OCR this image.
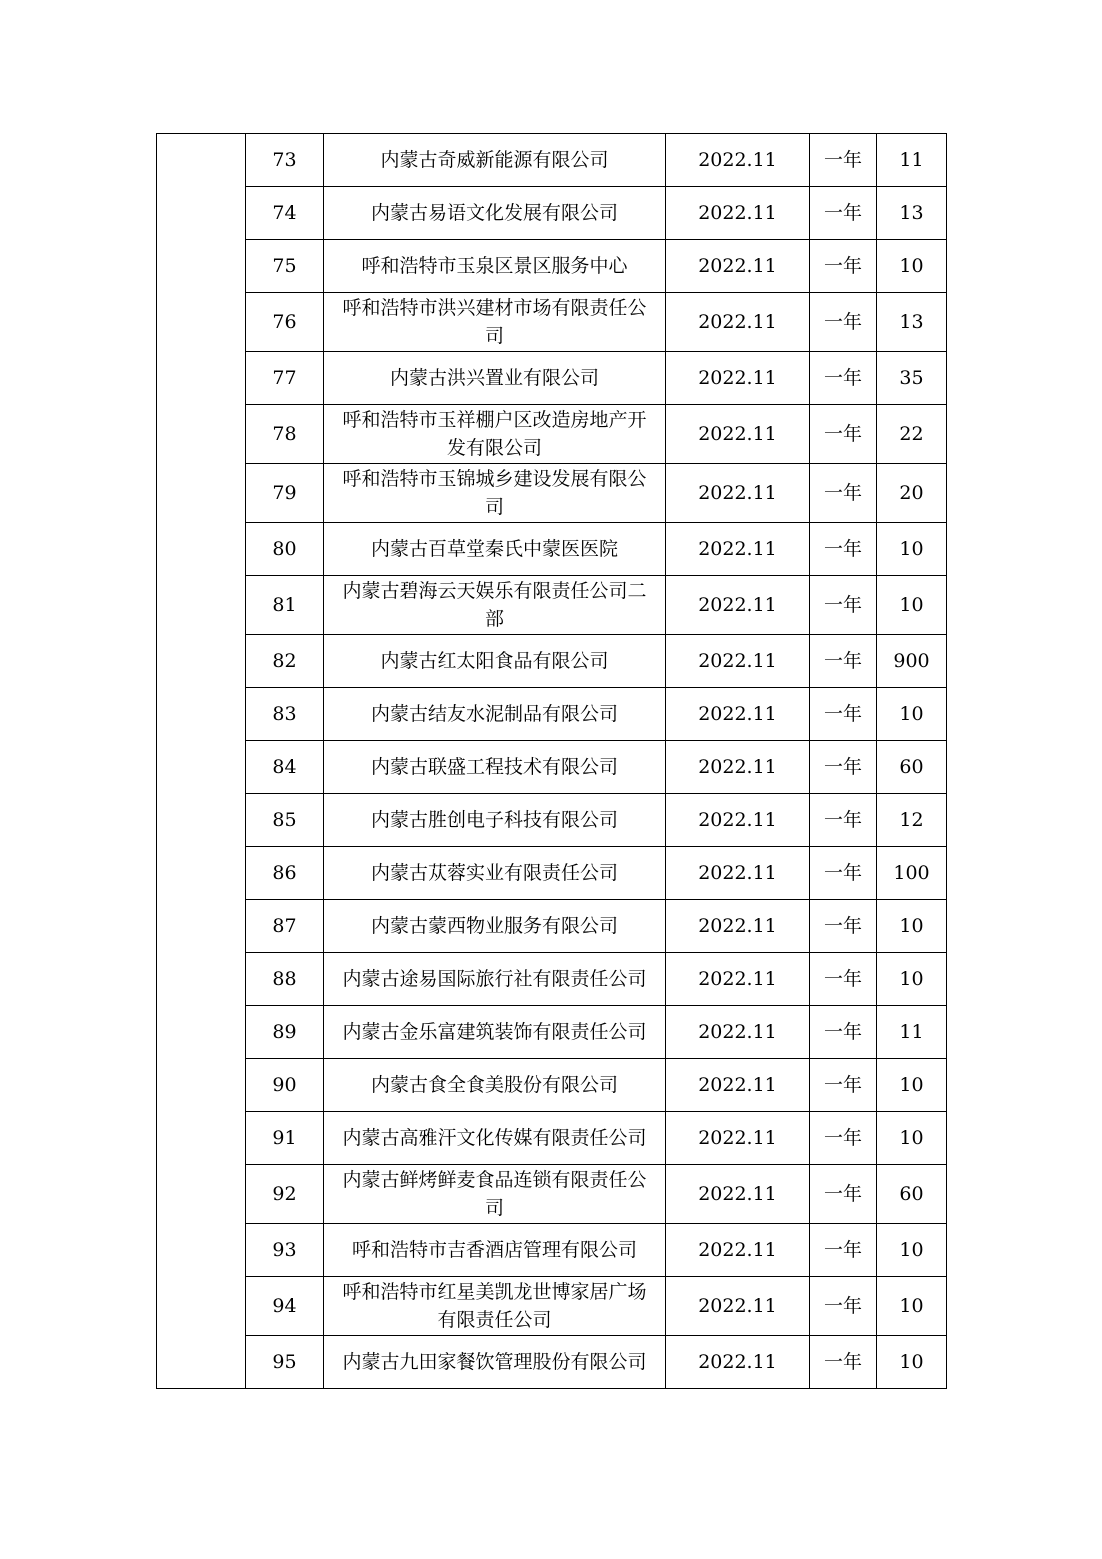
	73	内蒙古奇威新能源有限公司	2022.11	一年	11
	74	内蒙古易语文化发展有限公司	2022.11	一年	13
	75	呼和浩特市玉泉区景区服务中心	2022.11	一年	10
	76	呼和浩特市洪兴建材市场有限责任公司	2022.11	一年	13
	77	内蒙古洪兴置业有限公司	2022.11	一年	35
	78	呼和浩特市玉祥棚户区改造房地产开发有限公司	2022.11	一年	22
	79	呼和浩特市玉锦城乡建设发展有限公司	2022.11	一年	20
	80	内蒙古百草堂秦氏中蒙医医院	2022.11	一年	10
	81	内蒙古碧海云天娱乐有限责任公司二部	2022.11	一年	10
	82	内蒙古红太阳食品有限公司	2022.11	一年	900
	83	内蒙古结友水泥制品有限公司	2022.11	一年	10
	84	内蒙古联盛工程技术有限公司	2022.11	一年	60
	85	内蒙古胜创电子科技有限公司	2022.11	一年	12
	86	内蒙古苁蓉实业有限责任公司	2022.11	一年	100
	87	内蒙古蒙西物业服务有限公司	2022.11	一年	10
	88	内蒙古途易国际旅行社有限责任公司	2022.11	一年	10
	89	内蒙古金乐富建筑装饰有限责任公司	2022.11	一年	11
	90	内蒙古食全食美股份有限公司	2022.11	一年	10
	91	内蒙古高雅汗文化传媒有限责任公司	2022.11	一年	10
	92	内蒙古鲜烤鲜麦食品连锁有限责任公司	2022.11	一年	60
	93	呼和浩特市吉香酒店管理有限公司	2022.11	一年	10
	94	呼和浩特市红星美凯龙世博家居广场有限责任公司	2022.11	一年	10
	95	内蒙古九田家餐饮管理股份有限公司	2022.11	一年	10
